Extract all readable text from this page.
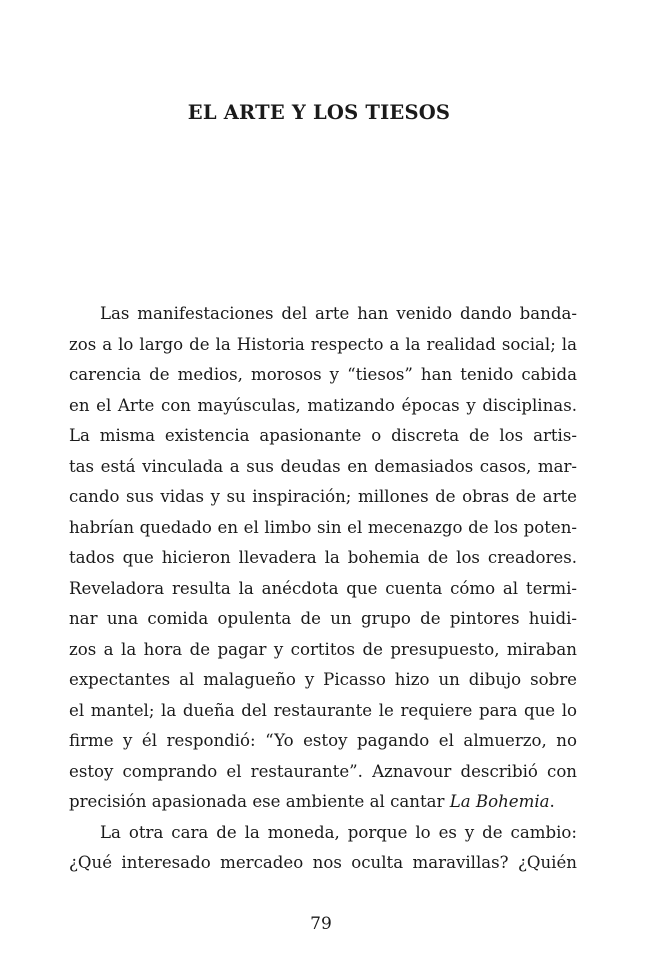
EL ARTE Y LOS TIESOS
Las manifestaciones del arte han venido dando banda-
zos a lo largo de la Historia respecto a la realidad social; la
carencia de medios, morosos y “tiesos” han tenido cabida
en el Arte con mayúsculas, matizando épocas y disciplinas.
La misma existencia apasionante o discreta de los artis-
tas está vinculada a sus deudas en demasiados casos, mar-
cando sus vidas y su inspiración; millones de obras de arte
habrían quedado en el limbo sin el mecenazgo de los poten-
tados que hicieron llevadera la bohemia de los creadores.
Reveladora resulta la anécdota que cuenta cómo al termi-
nar una comida opulenta de un grupo de pintores huidi-
zos a la hora de pagar y cortitos de presupuesto, miraban
expectantes al malagueño y Picasso hizo un dibujo sobre
el mantel; la dueña del restaurante le requiere para que lo
firme y él respondió: “Yo estoy pagando el almuerzo, no
estoy comprando el restaurante”. Aznavour describió con
precisión apasionada ese ambiente al cantar La Bohemia.
La otra cara de la moneda, porque lo es y de cambio:
¿Qué interesado mercadeo nos oculta maravillas? ¿Quién
79
